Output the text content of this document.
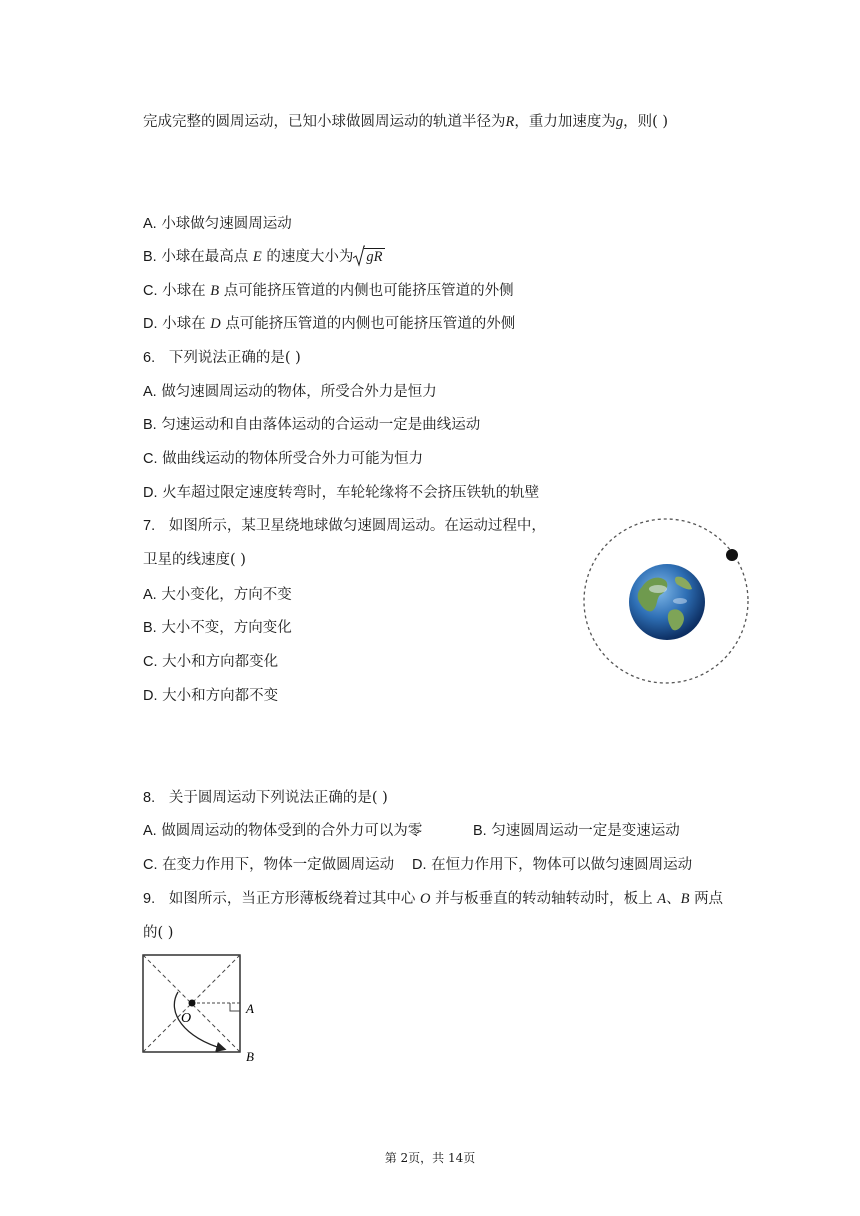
完成完整的圆周运动，已知小球做圆周运动的轨道半径为R，重力加速度为g，则( )
A. 小球做匀速圆周运动
B. 小球在最高点 E 的速度大小为 gR
C. 小球在 B 点可能挤压管道的内侧也可能挤压管道的外侧
D. 小球在 D 点可能挤压管道的内侧也可能挤压管道的外侧
6. 下列说法正确的是( )
A. 做匀速圆周运动的物体，所受合外力是恒力
B. 匀速运动和自由落体运动的合运动一定是曲线运动
C. 做曲线运动的物体所受合外力可能为恒力
D. 火车超过限定速度转弯时，车轮轮缘将不会挤压铁轨的轨壁
7. 如图所示，某卫星绕地球做匀速圆周运动。在运动过程中，
卫星的线速度( )
A. 大小变化，方向不变
B. 大小不变，方向变化
C. 大小和方向都变化
D. 大小和方向都不变
8. 关于圆周运动下列说法正确的是( )
A. 做圆周运动的物体受到的合外力可以为零	B. 匀速圆周运动一定是变速运动
C. 在变力作用下，物体一定做圆周运动 D. 在恒力作用下，物体可以做匀速圆周运动
9. 如图所示，当正方形薄板绕着过其中心 O 并与板垂直的转动轴转动时，板上 A、B 两点
的( )
O
A
B
第 2页，共 14页
